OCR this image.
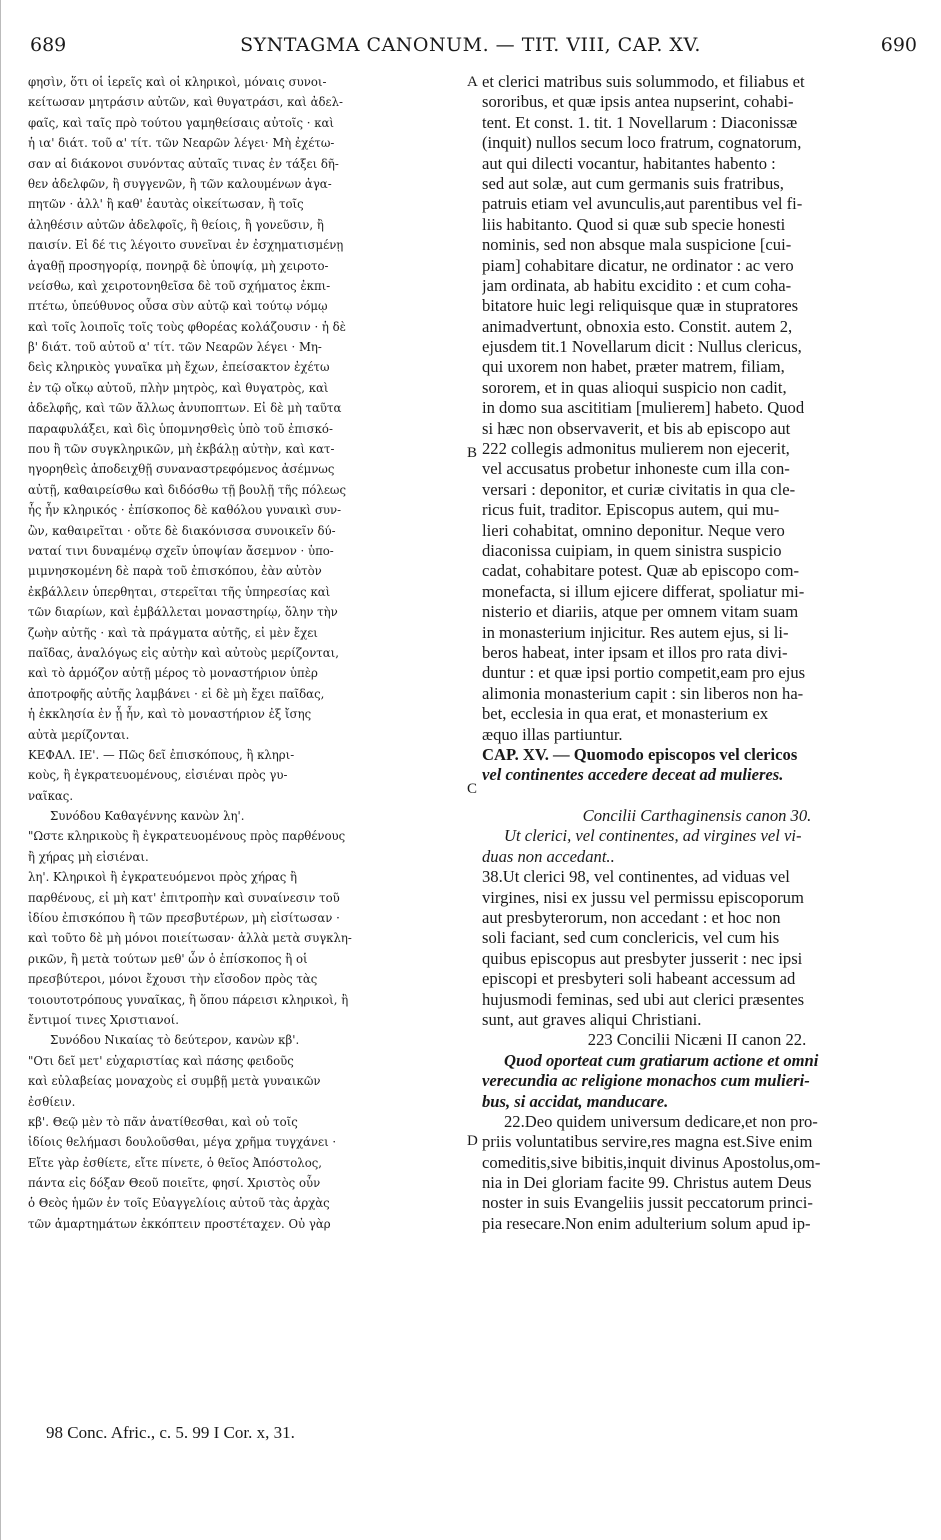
689	SYNTAGMA CANONUM. — TIT. VIII, CAP. XV.	690
φησὶν, ὅτι οἱ ἱερεῖς καὶ οἱ κληρικοὶ, μόναις συνοι-
κείτωσαν μητράσιν αὐτῶν, καὶ θυγατράσι, καὶ ἀδελ-
φαῖς, καὶ ταῖς πρὸ τούτου γαμηθείσαις αὐτοῖς · καὶ
ἡ ια' διάτ. τοῦ α' τίτ. τῶν Νεαρῶν λέγει· Μὴ ἐχέτω-
σαν αἱ διάκονοι συνόντας αὐταῖς τινας ἐν τάξει δῆ-
θεν ἀδελφῶν, ἢ συγγενῶν, ἢ τῶν καλουμένων ἀγα-
πητῶν · ἀλλ' ἢ καθ' ἑαυτὰς οἰκείτωσαν, ἢ τοῖς
ἀληθέσιν αὐτῶν ἀδελφοῖς, ἢ θείοις, ἢ γονεῦσιν, ἢ
παισίν. Εἰ δέ τις λέγοιτο συνεῖναι ἐν ἐσχηματισμένῃ
ἀγαθῇ προσηγορίᾳ, πονηρᾷ δὲ ὑποψίᾳ, μὴ χειροτο-
νείσθω, καὶ χειροτονηθεῖσα δὲ τοῦ σχήματος ἐκπι-
πτέτω, ὑπεύθυνος οὖσα σὺν αὐτῷ καὶ τούτῳ νόμῳ
καὶ τοῖς λοιποῖς τοῖς τοὺς φθορέας κολάζουσιν · ἡ δὲ
β' διάτ. τοῦ αὐτοῦ α' τίτ. τῶν Νεαρῶν λέγει · Μη-
δεὶς κληρικὸς γυναῖκα μὴ ἔχων, ἐπείσακτον ἐχέτω
ἐν τῷ οἴκῳ αὐτοῦ, πλὴν μητρὸς, καὶ θυγατρὸς, καὶ
ἀδελφῆς, καὶ τῶν ἄλλως ἀνυποπτων. Εἰ δὲ μὴ ταῦτα
παραφυλάξει, καὶ δὶς ὑπομνησθεὶς ὑπὸ τοῦ ἐπισκό-
που ἢ τῶν συγκληρικῶν, μὴ ἐκβάλῃ αὐτὴν, καὶ κατ-
ηγορηθεὶς ἀποδειχθῇ συναναστρεφόμενος ἀσέμνως
αὐτῇ, καθαιρείσθω καὶ διδόσθω τῇ βουλῇ τῆς πόλεως
ἧς ἦν κληρικός · ἐπίσκοπος δὲ καθόλου γυναικὶ συν-
ὢν, καθαιρεῖται · οὔτε δὲ διακόνισσα συνοικεῖν δύ-
ναταί τινι δυναμένῳ σχεῖν ὑποψίαν ἄσεμνον · ὑπο-
μιμνησκομένη δὲ παρὰ τοῦ ἐπισκόπου, ἐὰν αὐτὸν
ἐκβάλλειν ὑπερθηται, στερεῖται τῆς ὑπηρεσίας καὶ
τῶν διαρίων, καὶ ἐμβάλλεται μοναστηρίῳ, ὅλην τὴν
ζωὴν αὐτῆς · καὶ τὰ πράγματα αὐτῆς, εἰ μὲν ἔχει
παῖδας, ἀναλόγως εἰς αὐτὴν καὶ αὐτοὺς μερίζονται,
καὶ τὸ ἁρμόζον αὐτῇ μέρος τὸ μοναστήριον ὑπὲρ
ἀποτροφῆς αὐτῆς λαμβάνει · εἰ δὲ μὴ ἔχει παῖδας,
ἡ ἐκκλησία ἐν ᾗ ἦν, καὶ τὸ μοναστήριον ἐξ ἴσης
αὐτὰ μερίζονται.
ΚΕΦΑΛ. ΙΕ'. — Πῶς δεῖ ἐπισκόπους, ἢ κληρι-
κοὺς, ἢ ἐγκρατευομένους, εἰσιέναι πρὸς γυ-
ναῖκας.
Συνόδου Καθαγέννης κανὼν λη'.
"Ωστε κληρικοὺς ἢ ἐγκρατευομένους πρὸς παρθένους
ἢ χήρας μὴ εἰσιέναι.
λη'. Κληρικοὶ ἢ ἐγκρατευόμενοι πρὸς χήρας ἢ
παρθένους, εἰ μὴ κατ' ἐπιτροπὴν καὶ συναίνεσιν τοῦ
ἰδίου ἐπισκόπου ἢ τῶν πρεσβυτέρων, μὴ εἰσίτωσαν ·
καὶ τοῦτο δὲ μὴ μόνοι ποιείτωσαν· ἀλλὰ μετὰ συγκλη-
ρικῶν, ἢ μετὰ τούτων μεθ' ὧν ὁ ἐπίσκοπος ἢ οἱ
πρεσβύτεροι, μόνοι ἔχουσι τὴν εἴσοδον πρὸς τὰς
τοιουτοτρόπους γυναῖκας, ἢ ὅπου πάρεισι κληρικοὶ, ἢ
ἔντιμοί τινες Χριστιανοί.
Συνόδου Νικαίας τὸ δεύτερον, κανὼν κβ'.
"Οτι δεῖ μετ' εὐχαριστίας καὶ πάσης φειδοῦς
καὶ εὐλαβείας μοναχοὺς εἰ συμβῇ μετὰ γυναικῶν
ἐσθίειν.
κβ'. Θεῷ μὲν τὸ πᾶν ἀνατίθεσθαι, καὶ οὐ τοῖς
ἰδίοις θελήμασι δουλοῦσθαι, μέγα χρῆμα τυγχάνει ·
Εἴτε γὰρ ἐσθίετε, εἴτε πίνετε, ὁ θεῖος Ἀπόστολος,
πάντα εἰς δόξαν Θεοῦ ποιεῖτε, φησί. Χριστὸς οὖν
ὁ Θεὸς ἡμῶν ἐν τοῖς Εὐαγγελίοις αὐτοῦ τὰς ἀρχὰς
τῶν ἁμαρτημάτων ἐκκόπτειν προστέταχεν. Οὐ γὰρ
et clerici matribus suis solummodo, et filiabus et
sororibus, et quæ ipsis antea nupserint, cohabi-
tent. Et const. 1. tit. 1 Novellarum : Diaconissæ
(inquit) nullos secum loco fratrum, cognatorum,
aut qui dilecti vocantur, habitantes habento :
sed aut solæ, aut cum germanis suis fratribus,
patruis etiam vel avunculis,aut parentibus vel fi-
liis habitanto. Quod si quæ sub specie honesti
nominis, sed non absque mala suspicione [cui-
piam] cohabitare dicatur, ne ordinator : ac vero
jam ordinata, ab habitu excidito : et cum coha-
bitatore huic legi reliquisque quæ in stupratores
animadvertunt, obnoxia esto. Constit. autem 2,
ejusdem tit.1 Novellarum dicit : Nullus clericus,
qui uxorem non habet, præter matrem, filiam,
sororem, et in quas alioqui suspicio non cadit,
in domo sua ascititiam [mulierem] habeto. Quod
si hæc non observaverit, et bis ab episcopo aut
222 collegis admonitus mulierem non ejecerit,
vel accusatus probetur inhoneste cum illa con-
versari : deponitor, et curiæ civitatis in qua cle-
ricus fuit, traditor. Episcopus autem, qui mu-
lieri cohabitat, omnino deponitur. Neque vero
diaconissa cuipiam, in quem sinistra suspicio
cadat, cohabitare potest. Quæ ab episcopo com-
monefacta, si illum ejicere differat, spoliatur mi-
nisterio et diariis, atque per omnem vitam suam
in monasterium injicitur. Res autem ejus, si li-
beros habeat, inter ipsam et illos pro rata divi-
duntur : et quæ ipsi portio competit,eam pro ejus
alimonia monasterium capit : sin liberos non ha-
bet, ecclesia in qua erat, et monasterium ex
æquo illas partiuntur.
CAP. XV. — Quomodo episcopos vel clericos
vel continentes accedere deceat ad mulieres.
Concilii Carthaginensis canon 30.
Ut clerici, vel continentes, ad virgines vel vi-
duas non accedant..
38.Ut clerici 98, vel continentes, ad viduas vel
virgines, nisi ex jussu vel permissu episcoporum
aut presbyterorum, non accedant : et hoc non
soli faciant, sed cum conclericis, vel cum his
quibus episcopus aut presbyter jusserit : nec ipsi
episcopi et presbyteri soli habeant accessum ad
hujusmodi feminas, sed ubi aut clerici præsentes
sunt, aut graves aliqui Christiani.
223 Concilii Nicæni II canon 22.
Quod oporteat cum gratiarum actione et omni
verecundia ac religione monachos cum mulieri-
bus, si accidat, manducare.
22.Deo quidem universum dedicare,et non pro-
priis voluntatibus servire,res magna est.Sive enim
comeditis,sive bibitis,inquit divinus Apostolus,om-
nia in Dei gloriam facite 99. Christus autem Deus
noster in suis Evangeliis jussit peccatorum princi-
pia resecare.Non enim adulterium solum apud ip-
A
B
C
D
98 Conc. Afric., c. 5. 99 I Cor. x, 31.
